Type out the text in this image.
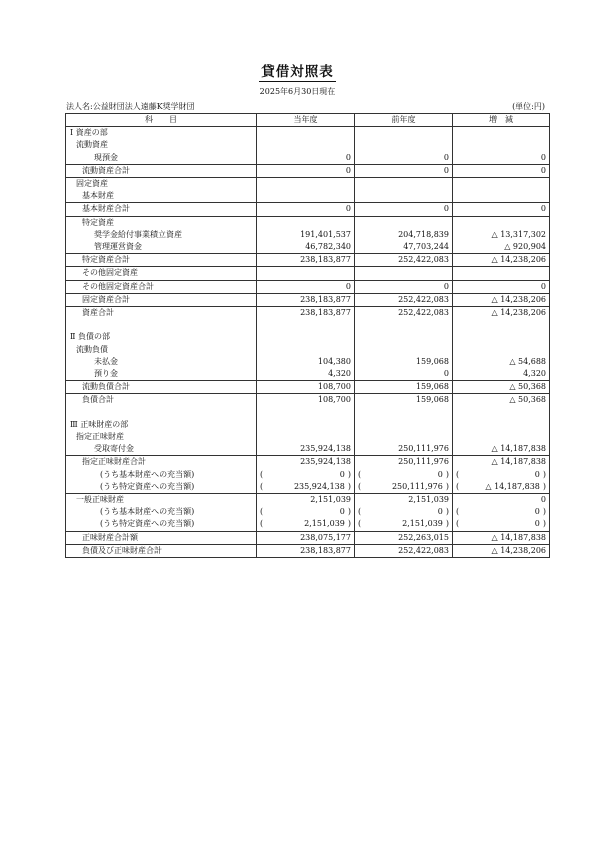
貸借対照表
2025年6月30日現在
法人名:公益財団法人遠藤K奨学財団	(単位:円)
科　　目	当年度	前年度	増　減
Ⅰ 資産の部			
流動資産			
現預金	0	0	0
流動資産合計	0	0	0
固定資産			
基本財産			
基本財産合計	0	0	0
特定資産			
奨学金給付事業積立資産	191,401,537	204,718,839	△ 13,317,302
管理運営資金	46,782,340	47,703,244	△ 920,904
特定資産合計	238,183,877	252,422,083	△ 14,238,206
その他固定資産			
その他固定資産合計	0	0	0
固定資産合計	238,183,877	252,422,083	△ 14,238,206
資産合計	238,183,877	252,422,083	△ 14,238,206

Ⅱ 負債の部			
流動負債			
未払金	104,380	159,068	△ 54,688
預り金	4,320	0	4,320
流動負債合計	108,700	159,068	△ 50,368
負債合計	108,700	159,068	△ 50,368

Ⅲ 正味財産の部			
指定正味財産			
受取寄付金	235,924,138	250,111,976	△ 14,187,838
指定正味財産合計	235,924,138	250,111,976	△ 14,187,838
(うち基本財産への充当額)	( 0 )	( 0 )	( 0 )

(うち特定資産への充当額)	( 235,924,138 )	( 250,111,976 )	( △ 14,187,838 )

一般正味財産	2,151,039	2,151,039	0
(うち基本財産への充当額)	( 0 )	( 0 )	( 0 )

(うち特定資産への充当額)	( 2,151,039 )	( 2,151,039 )	( 0 )

正味財産合計額	238,075,177	252,263,015	△ 14,187,838
負債及び正味財産合計	238,183,877	252,422,083	△ 14,238,206
